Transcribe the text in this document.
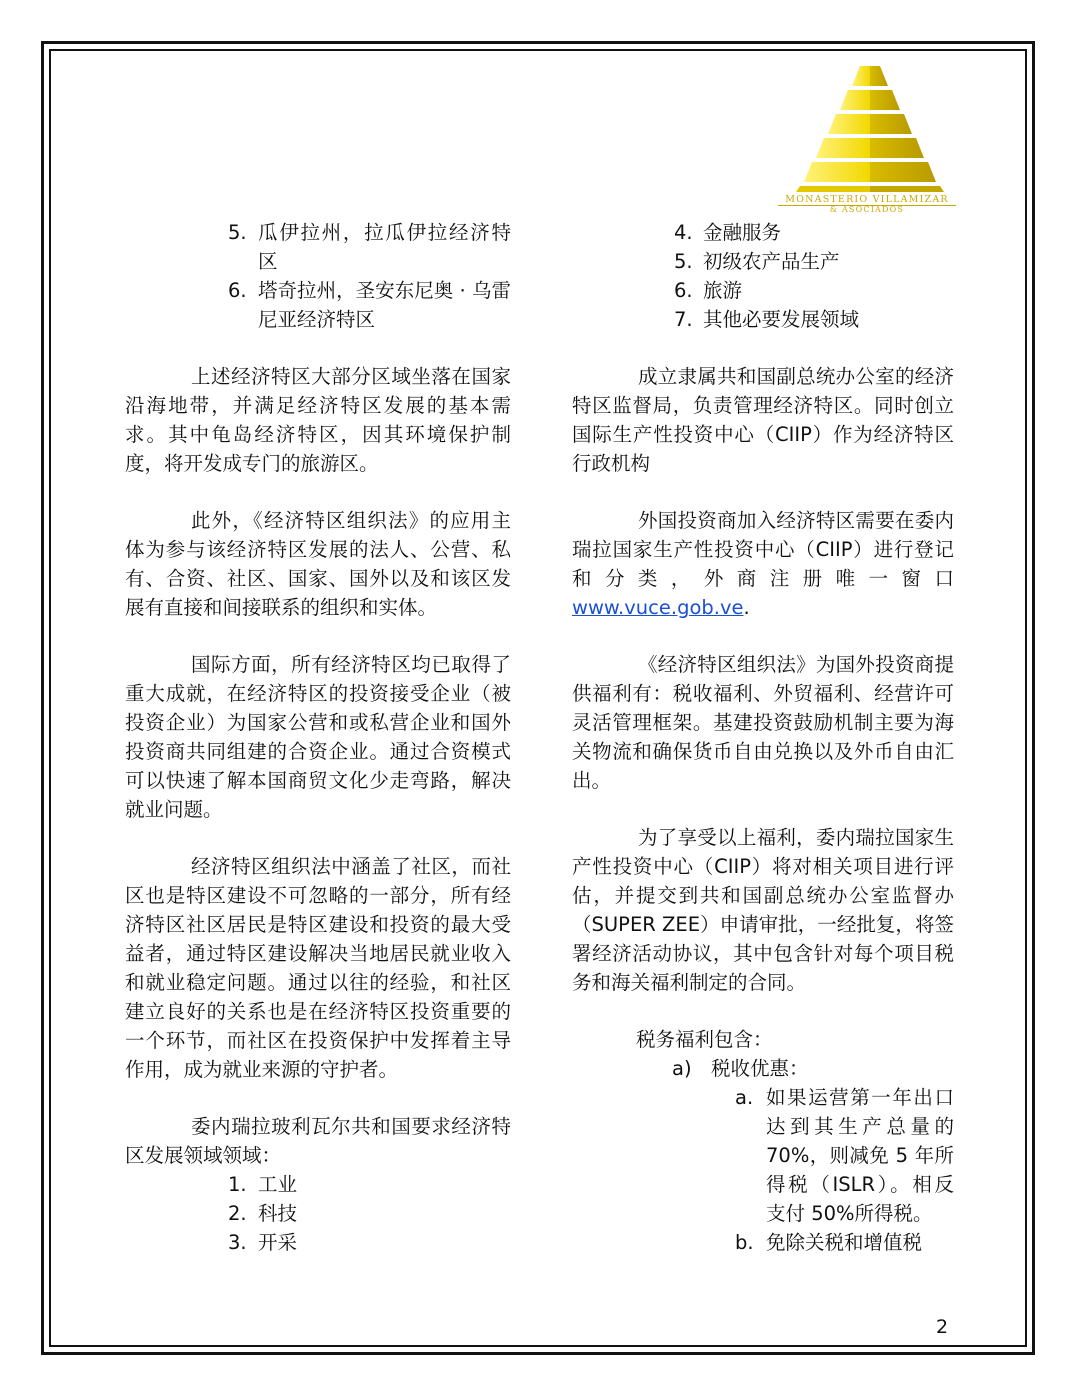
MONASTERIO VILLAMIZAR
& ASOCIADOS

5. 瓜伊拉州，拉瓜伊拉经济特区

6. 塔奇拉州，圣安东尼奥 · 乌雷尼亚经济特区

上述经济特区大部分区域坐落在国家沿海地带，并满足经济特区发展的基本需求。其中龟岛经济特区，因其环境保护制度，将开发成专门的旅游区。

此外，《经济特区组织法》的应用主体为参与该经济特区发展的法人、公营、私有、合资、社区、国家、国外以及和该区发展有直接和间接联系的组织和实体。

国际方面，所有经济特区均已取得了重大成就，在经济特区的投资接受企业（被投资企业）为国家公营和或私营企业和国外投资商共同组建的合资企业。通过合资模式可以快速了解本国商贸文化少走弯路，解决就业问题。

经济特区组织法中涵盖了社区，而社区也是特区建设不可忽略的一部分，所有经济特区社区居民是特区建设和投资的最大受益者，通过特区建设解决当地居民就业收入和就业稳定问题。通过以往的经验，和社区建立良好的关系也是在经济特区投资重要的一个环节，而社区在投资保护中发挥着主导作用，成为就业来源的守护者。

委内瑞拉玻利瓦尔共和国要求经济特区发展领域领域：

1. 工业

2. 科技

3. 开采

4. 金融服务

5. 初级农产品生产

6. 旅游

7. 其他必要发展领域

成立隶属共和国副总统办公室的经济特区监督局，负责管理经济特区。同时创立国际生产性投资中心（CIIP）作为经济特区行政机构

外国投资商加入经济特区需要在委内瑞拉国家生产性投资中心（CIIP）进行登记和分类，外商注册唯一窗口www.vuce.gob.ve.

《经济特区组织法》为国外投资商提供福利有：税收福利、外贸福利、经营许可灵活管理框架。基建投资鼓励机制主要为海关物流和确保货币自由兑换以及外币自由汇出。

为了享受以上福利，委内瑞拉国家生产性投资中心（CIIP）将对相关项目进行评估，并提交到共和国副总统办公室监督办（SUPER ZEE）申请审批，一经批复，将签署经济活动协议，其中包含针对每个项目税务和海关福利制定的合同。

税务福利包含：

a) 税收优惠：

a. 如果运营第一年出口达到其生产总量的 70%，则减免 5 年所得税（ISLR）。相反支付 50%所得税。

b. 免除关税和增值税

2
